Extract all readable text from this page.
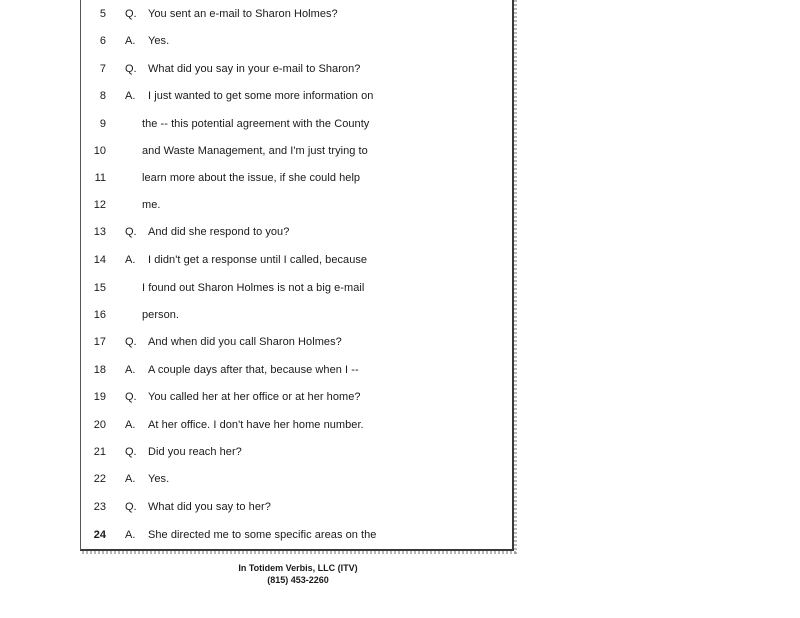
5 Q. You sent an e-mail to Sharon Holmes?
6 A. Yes.
7 Q. What did you say in your e-mail to Sharon?
8 A. I just wanted to get some more information on
9	the -- this potential agreement with the County
10	and Waste Management, and I'm just trying to
11	learn more about the issue, if she could help
12	me.
13 Q. And did she respond to you?
14 A. I didn't get a response until I called, because
15	I found out Sharon Holmes is not a big e-mail
16	person.
17 Q. And when did you call Sharon Holmes?
18 A. A couple days after that, because when I --
19 Q. You called her at her office or at her home?
20 A. At her office. I don't have her home number.
21 Q. Did you reach her?
22 A. Yes.
23 Q. What did you say to her?
24 A. She directed me to some specific areas on the
In Totidem Verbis, LLC (ITV)
(815) 453-2260
